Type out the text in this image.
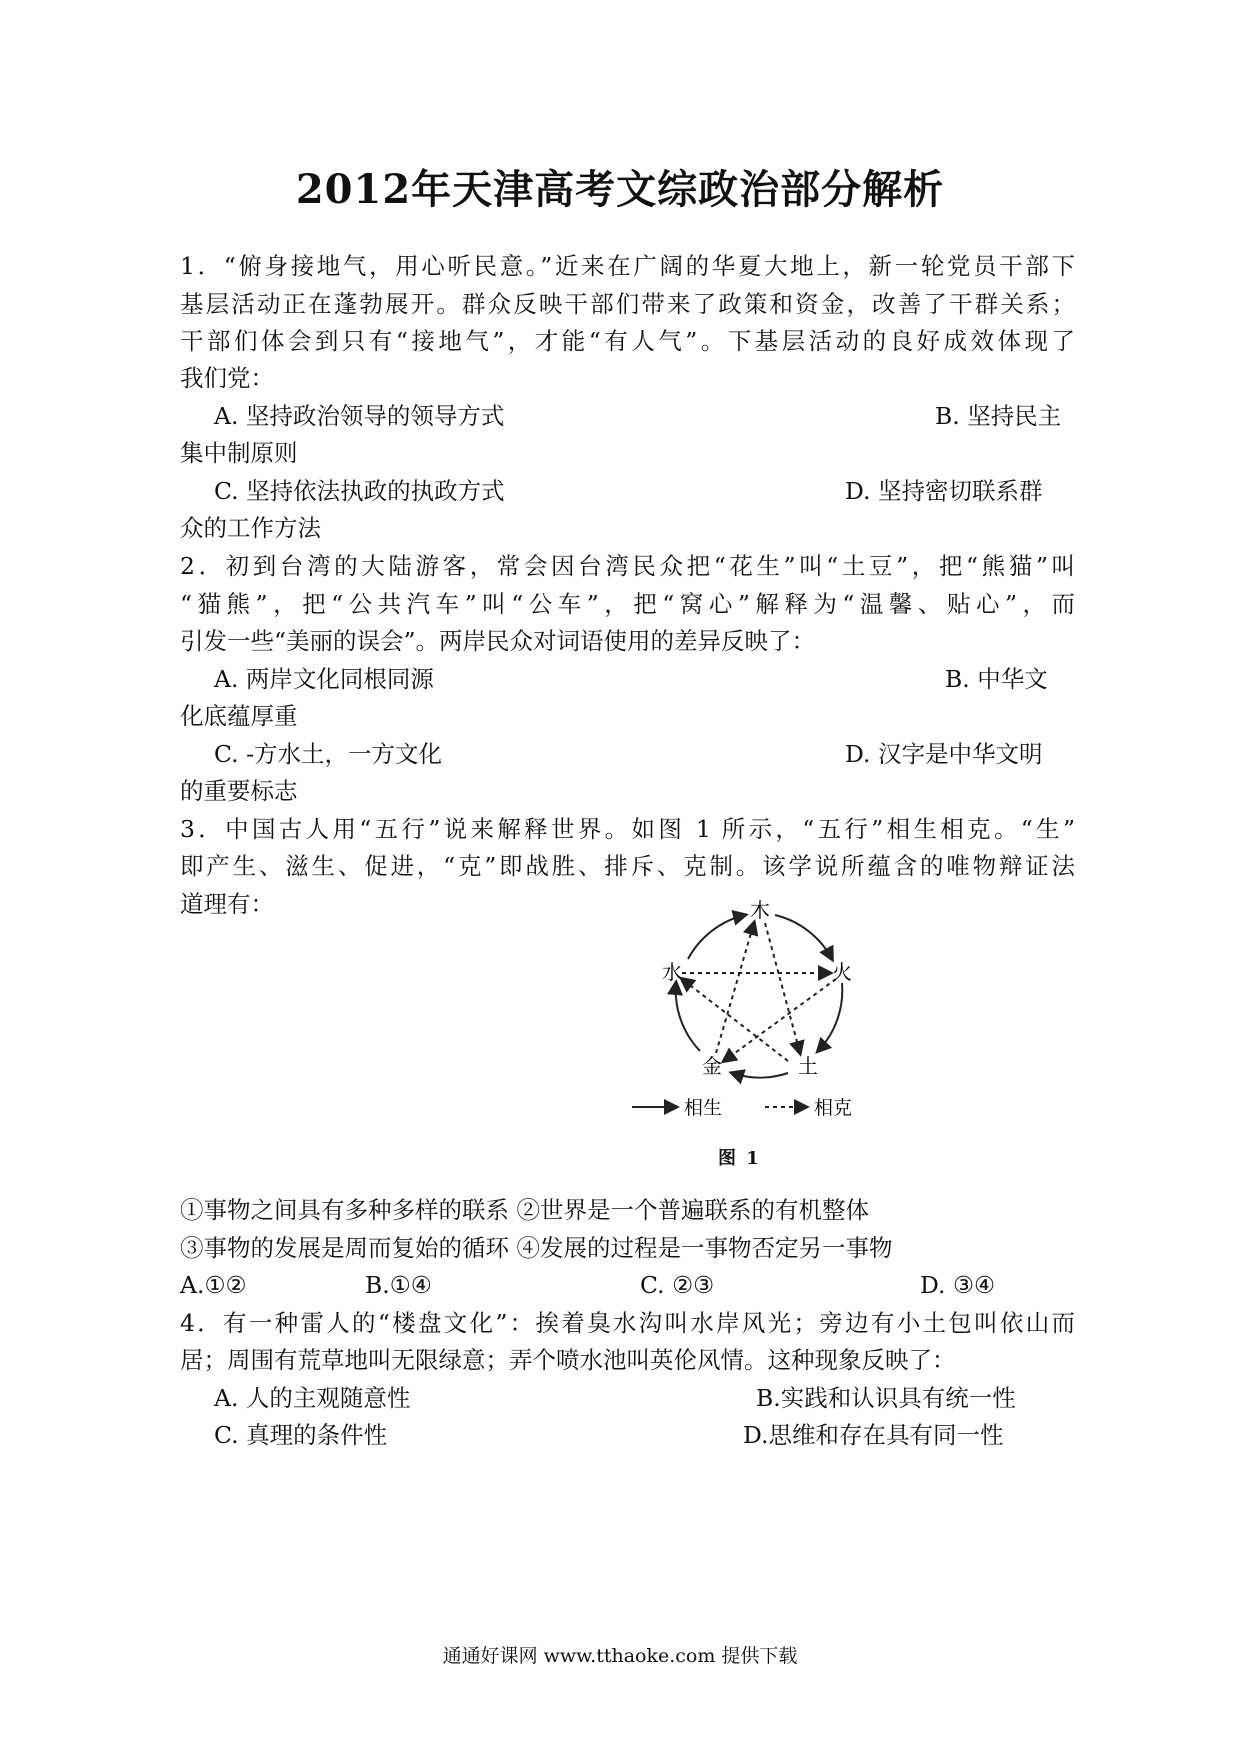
2012年天津高考文综政治部分解析
1．“俯身接地气，用心听民意。”近来在广阔的华夏大地上，新一轮党员干部下
基层活动正在蓬勃展开。群众反映干部们带来了政策和资金，改善了干群关系；
干部们体会到只有“接地气”，才能“有人气”。下基层活动的良好成效体现了
我们党：
A. 坚持政治领导的领导方式	B. 坚持民主
集中制原则
C. 坚持依法执政的执政方式	D. 坚持密切联系群
众的工作方法
2．初到台湾的大陆游客，常会因台湾民众把“花生”叫“土豆”，把“熊猫”叫
“猫熊”，把“公共汽车”叫“公车”，把“窝心”解释为“温馨、贴心”，而
引发一些“美丽的误会”。两岸民众对词语使用的差异反映了：
A. 两岸文化同根同源	B. 中华文
化底蕴厚重
C. -方水土，一方文化	D. 汉字是中华文明
的重要标志
3．中国古人用“五行”说来解释世界。如图 1 所示，“五行”相生相克。“生”
即产生、滋生、促进，“克”即战胜、排斥、克制。该学说所蕴含的唯物辩证法
道理有：	木
火
土
金
水
相生	相克
图 1
①事物之间具有多种多样的联系 ②世界是一个普遍联系的有机整体
③事物的发展是周而复始的循环 ④发展的过程是一事物否定另一事物
A.①②	B.①④	C. ②③	D. ③④
4．有一种雷人的“楼盘文化”：挨着臭水沟叫水岸风光；旁边有小土包叫依山而
居；周围有荒草地叫无限绿意；弄个喷水池叫英伦风情。这种现象反映了：
A. 人的主观随意性	B.实践和认识具有统一性
C. 真理的条件性	D.思维和存在具有同一性
通通好课网 www.tthaoke.com 提供下载
